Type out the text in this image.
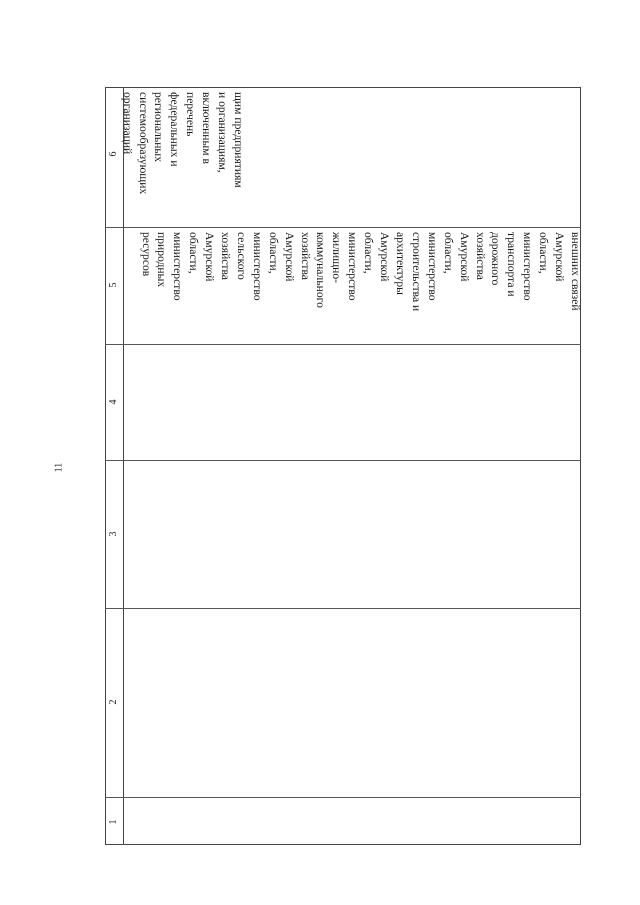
11
1
2
3
4
5
6
внешних связей
Амурской
области,
министерство
транспорта и
дорожного
хозяйства
Амурской
области,
министерство
строительства и
архитектуры
Амурской
области,
министерство
жилищно-
коммунального
хозяйства
Амурской
области,
министерство
сельского
хозяйства
Амурской
области,
министерство
природных
ресурсов
щим предприятиям
и организациям,
включенным в
перечень
федеральных и
региональных
системообразующих
организаций
